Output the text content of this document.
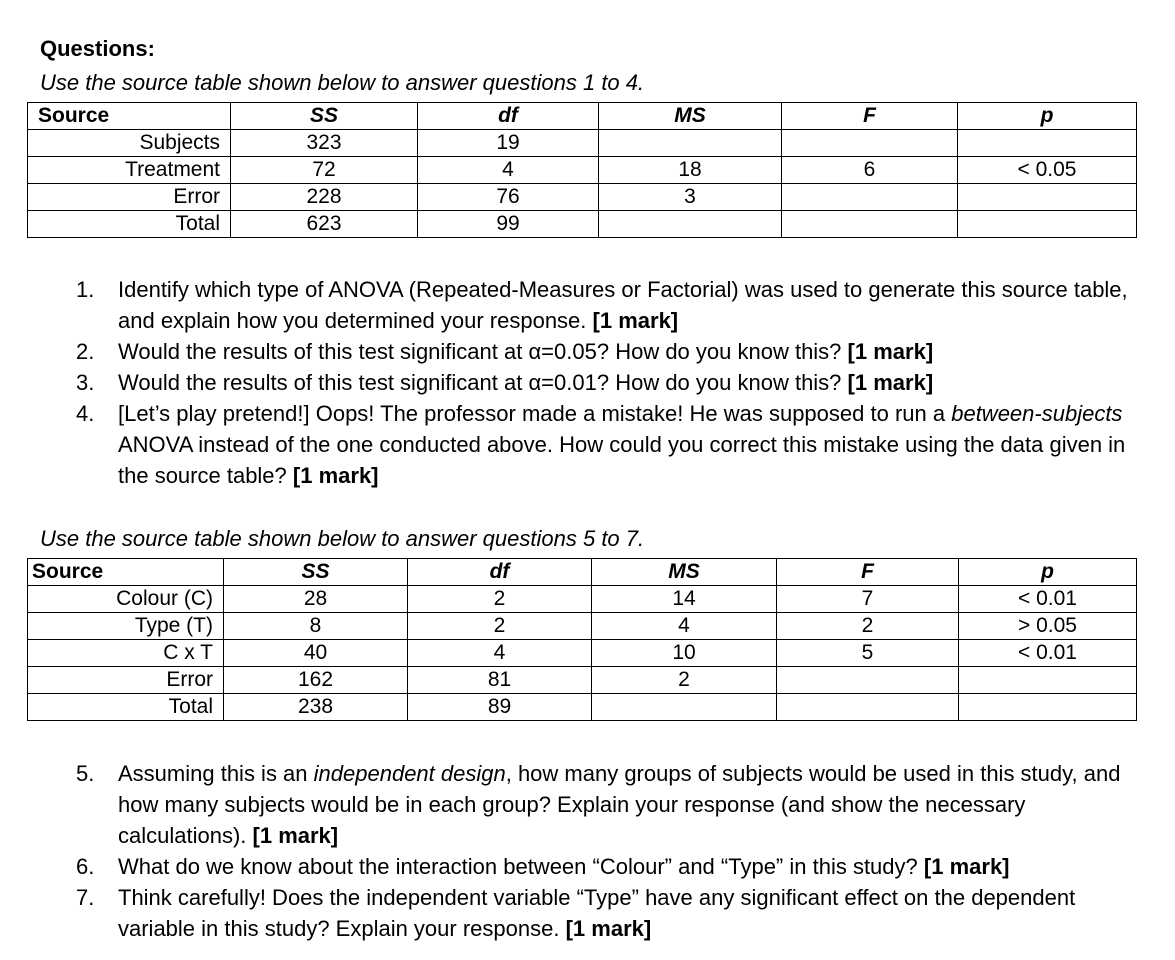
Questions:

Use the source table shown below to answer questions 1 to 4.

Source	SS	df	MS	F	p
Subjects	323	19			
Treatment	72	4	18	6	< 0.05
Error	228	76	3		
Total	623	99			
1.	Identify which type of ANOVA (Repeated-Measures or Factorial) was used to generate this source table, and explain how you determined your response. [1 mark]
2.	Would the results of this test significant at α=0.05? How do you know this? [1 mark]
3.	Would the results of this test significant at α=0.01? How do you know this? [1 mark]
4.	[Let’s play pretend!] Oops! The professor made a mistake! He was supposed to run a between-subjects ANOVA instead of the one conducted above. How could you correct this mistake using the data given in the source table? [1 mark]

Use the source table shown below to answer questions 5 to 7.

Source	SS	df	MS	F	p
Colour (C)	28	2	14	7	< 0.01
Type (T)	8	2	4	2	> 0.05
C x T	40	4	10	5	< 0.01
Error	162	81	2		
Total	238	89			
5.	Assuming this is an independent design, how many groups of subjects would be used in this study, and how many subjects would be in each group? Explain your response (and show the necessary calculations). [1 mark]
6.	What do we know about the interaction between “Colour” and “Type” in this study? [1 mark]
7.	Think carefully! Does the independent variable “Type” have any significant effect on the dependent variable in this study? Explain your response. [1 mark]
